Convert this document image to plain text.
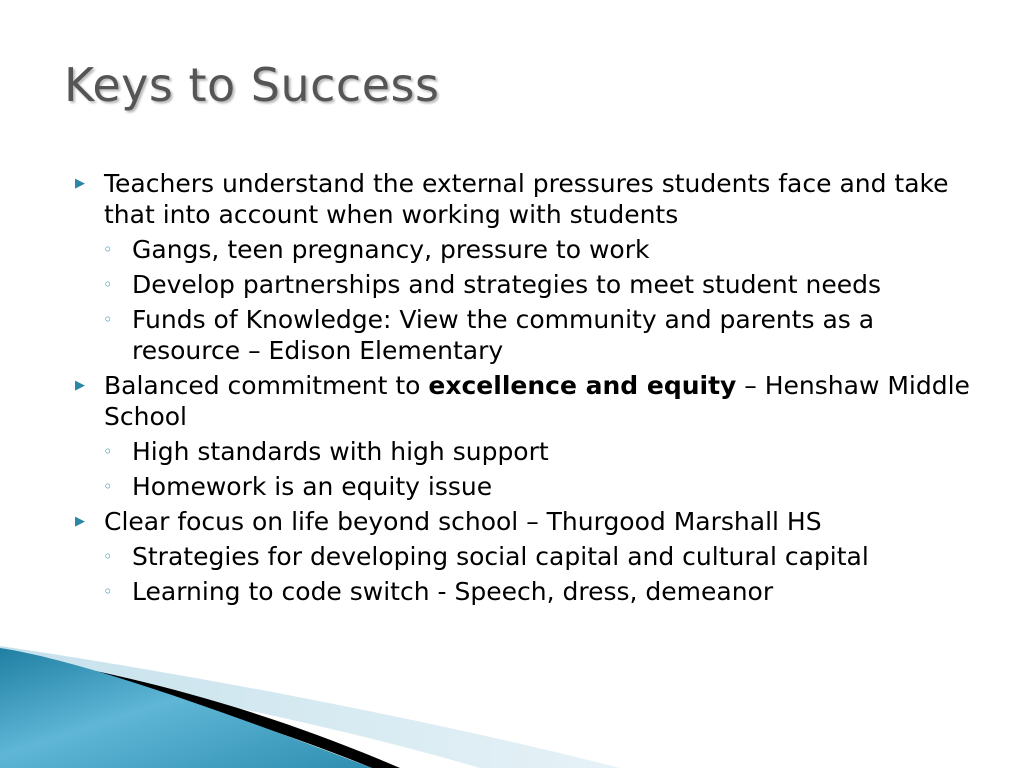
Keys to Success
▶ Teachers understand the external pressures students face and take that into account when working with students
◦ Gangs, teen pregnancy, pressure to work
◦ Develop partnerships and strategies to meet student needs
◦ Funds of Knowledge: View the community and parents as a resource – Edison Elementary
▶ Balanced commitment to excellence and equity – Henshaw Middle School
◦ High standards with high support
◦ Homework is an equity issue
▶ Clear focus on life beyond school – Thurgood Marshall HS
◦ Strategies for developing social capital and cultural capital
◦ Learning to code switch - Speech, dress, demeanor
